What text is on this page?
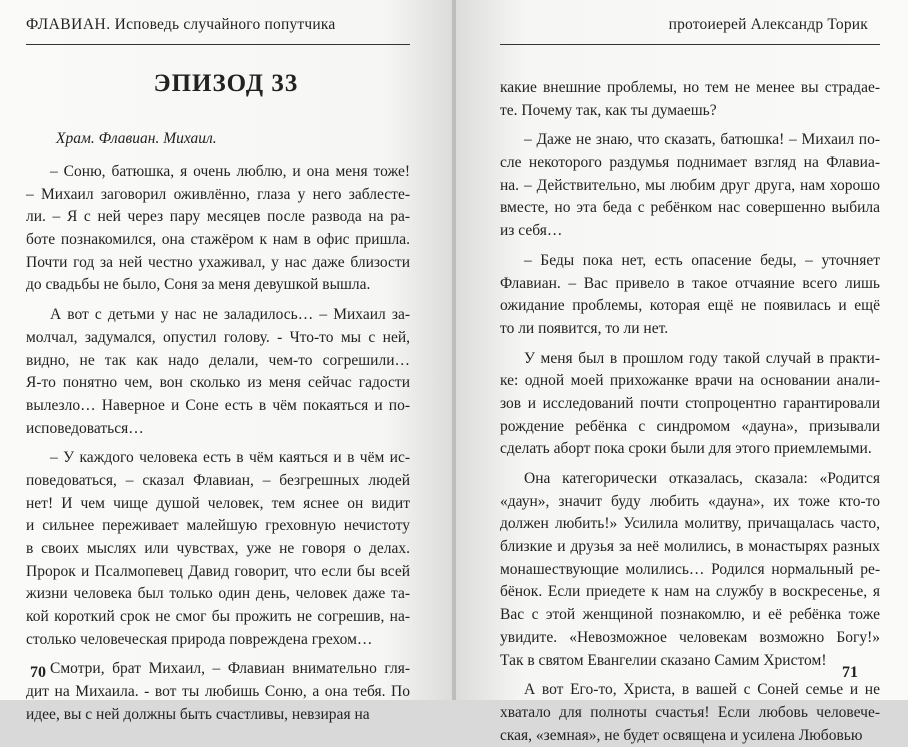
ФЛАВИАН. Исповедь случайного попутчика
ЭПИЗОД 33
Храм. Флавиан. Михаил.
– Соню, батюшка, я очень люблю, и она меня тоже!
– Михаил заговорил оживлённо, глаза у него заблесте-
ли. – Я с ней через пару месяцев после развода на ра-
боте познакомился, она стажёром к нам в офис пришла.
Почти год за ней честно ухаживал, у нас даже близости
до свадьбы не было, Соня за меня девушкой вышла.
А вот с детьми у нас не заладилось… – Михаил за-
молчал, задумался, опустил голову. - Что-то мы с ней,
видно, не так как надо делали, чем-то согрешили…
Я-то понятно чем, вон сколько из меня сейчас гадости
вылезло… Наверное и Соне есть в чём покаяться и по-
исповедоваться…
– У каждого человека есть в чём каяться и в чём ис-
поведоваться, – сказал Флавиан, – безгрешных людей
нет! И чем чище душой человек, тем яснее он видит
и сильнее переживает малейшую греховную нечистоту
в своих мыслях или чувствах, уже не говоря о делах.
Пророк и Псалмопевец Давид говорит, что если бы всей
жизни человека был только один день, человек даже та-
кой короткий срок не смог бы прожить не согрешив, на-
столько человеческая природа повреждена грехом…
Смотри, брат Михаил, – Флавиан внимательно гля-
дит на Михаила. - вот ты любишь Соню, а она тебя. По
идее, вы с ней должны быть счастливы, невзирая на
70
протоиерей Александр Торик
какие внешние проблемы, но тем не менее вы страдае-
те. Почему так, как ты думаешь?
– Даже не знаю, что сказать, батюшка! – Михаил по-
сле некоторого раздумья поднимает взгляд на Флавиа-
на. – Действительно, мы любим друг друга, нам хорошо
вместе, но эта беда с ребёнком нас совершенно выбила
из себя…
– Беды пока нет, есть опасение беды, – уточняет
Флавиан. – Вас привело в такое отчаяние всего лишь
ожидание проблемы, которая ещё не появилась и ещё
то ли появится, то ли нет.
У меня был в прошлом году такой случай в практи-
ке: одной моей прихожанке врачи на основании анали-
зов и исследований почти стопроцентно гарантировали
рождение ребёнка с синдромом «дауна», призывали
сделать аборт пока сроки были для этого приемлемыми.
Она категорически отказалась, сказала: «Родится
«даун», значит буду любить «дауна», их тоже кто-то
должен любить!» Усилила молитву, причащалась часто,
близкие и друзья за неё молились, в монастырях разных
монашествующие молились… Родился нормальный ре-
бёнок. Если приедете к нам на службу в воскресенье, я
Вас с этой женщиной познакомлю, и её ребёнка тоже
увидите. «Невозможное человекам возможно Богу!»
Так в святом Евангелии сказано Самим Христом!
А вот Его-то, Христа, в вашей с Соней семье и не
хватало для полноты счастья! Если любовь человече-
ская, «земная», не будет освящена и усилена Любовью
71
